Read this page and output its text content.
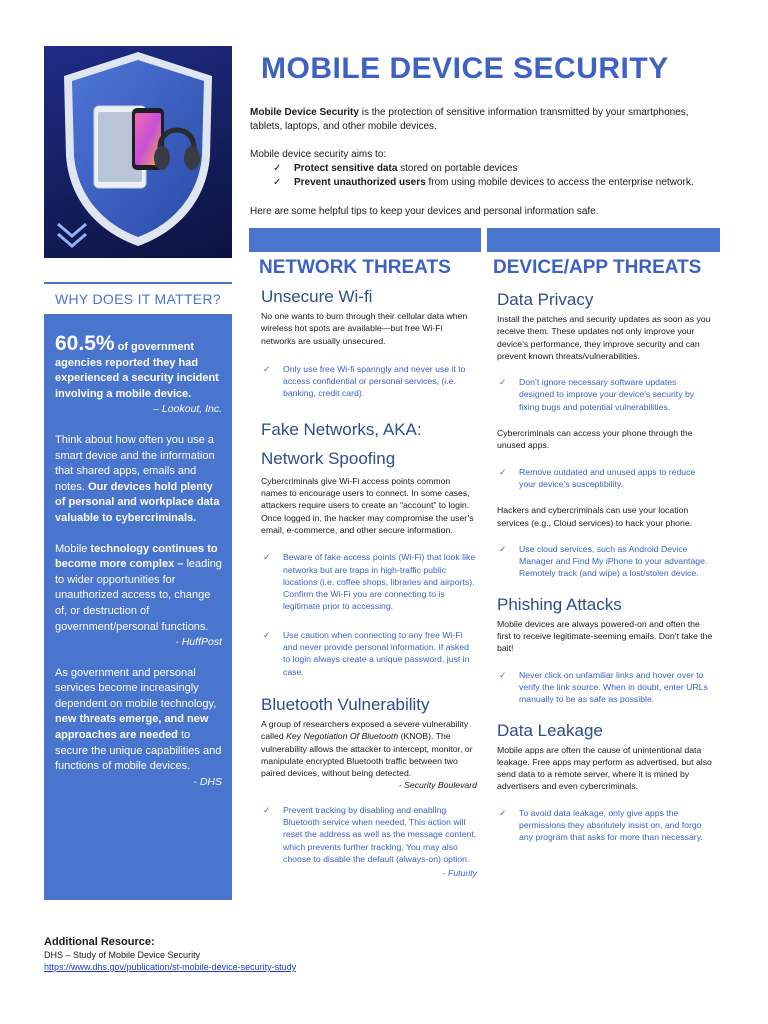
MOBILE DEVICE SECURITY
Mobile Device Security is the protection of sensitive information transmitted by your smartphones, tablets, laptops, and other mobile devices.
Mobile device security aims to:
✓ Protect sensitive data stored on portable devices
✓ Prevent unauthorized users from using mobile devices to access the enterprise network.
Here are some helpful tips to keep your devices and personal information safe.
NETWORK THREATS DEVICE/APP THREATS
WHY DOES IT MATTER?

60.5% of government

agencies reported they had experienced a security incident involving a mobile device.

– Lookout, Inc.

Think about how often you use a smart device and the information that shared apps, emails and notes. Our devices hold plenty of personal and workplace data valuable to cybercriminals.

Mobile technology continues to become more complex – leading to wider opportunities for unauthorized access to, change of, or destruction of government/personal functions.

- HuffPost

As government and personal services become increasingly dependent on mobile technology, new threats emerge, and new approaches are needed to secure the unique capabilities and functions of mobile devices.

- DHS

Unsecure Wi-fi

No one wants to burn through their cellular data when wireless hot spots are available—but free Wi-Fi networks are usually unsecured.

✓ Only use free Wi-fi sparingly and never use it to access confidential or personal services, (i.e. banking, credit card).

Fake Networks, AKA: Network Spoofing

Cybercriminals give Wi-Fi access points common names to encourage users to connect. In some cases, attackers require users to create an “account” to login. Once logged in, the hacker may compromise the user’s email, e-commerce, and other secure information.

✓ Beware of fake access points (Wi-Fi) that look like networks but are traps in high-traffic public locations (i.e. coffee shops, libraries and airports). Confirm the Wi-Fi you are connecting to is legitimate prior to accessing.

✓ Use caution when connecting to any free Wi-Fi and never provide personal information. If asked to login always create a unique password, just in case.

Bluetooth Vulnerability

A group of researchers exposed a severe vulnerability called Key Negotiation Of Bluetooth (KNOB). The vulnerability allows the attacker to intercept, monitor, or manipulate encrypted Bluetooth traffic between two paired devices, without being detected.

- Security Boulevard

✓ Prevent tracking by disabling and enabling Bluetooth service when needed. This action will reset the address as well as the message content, which prevents further tracking. You may also choose to disable the default (always-on) option.

- Futurity

Data Privacy

Install the patches and security updates as soon as you receive them. These updates not only improve your device’s performance, they improve security and can prevent known threats/vulnerabilities.

✓ Don’t ignore necessary software updates designed to improve your device’s security by fixing bugs and potential vulnerabilities.

Cybercriminals can access your phone through the unused apps.

✓ Remove outdated and unused apps to reduce your device’s susceptibility.

Hackers and cybercriminals can use your location services (e.g., Cloud services) to hack your phone.

✓ Use cloud services, such as Android Device Manager and Find My iPhone to your advantage. Remotely track (and wipe) a lost/stolen device.

Phishing Attacks

Mobile devices are always powered-on and often the first to receive legitimate-seeming emails. Don’t take the bait!

✓ Never click on unfamiliar links and hover over to verify the link source. When in doubt, enter URLs manually to be as safe as possible.

Data Leakage

Mobile apps are often the cause of unintentional data leakage. Free apps may perform as advertised, but also send data to a remote server, where it is mined by advertisers and even cybercriminals.

✓ To avoid data leakage, only give apps the permissions they absolutely insist on, and forgo any program that asks for more than necessary.

Additional Resource:
DHS – Study of Mobile Device Security
https://www.dhs.gov/publication/st-mobile-device-security-study
